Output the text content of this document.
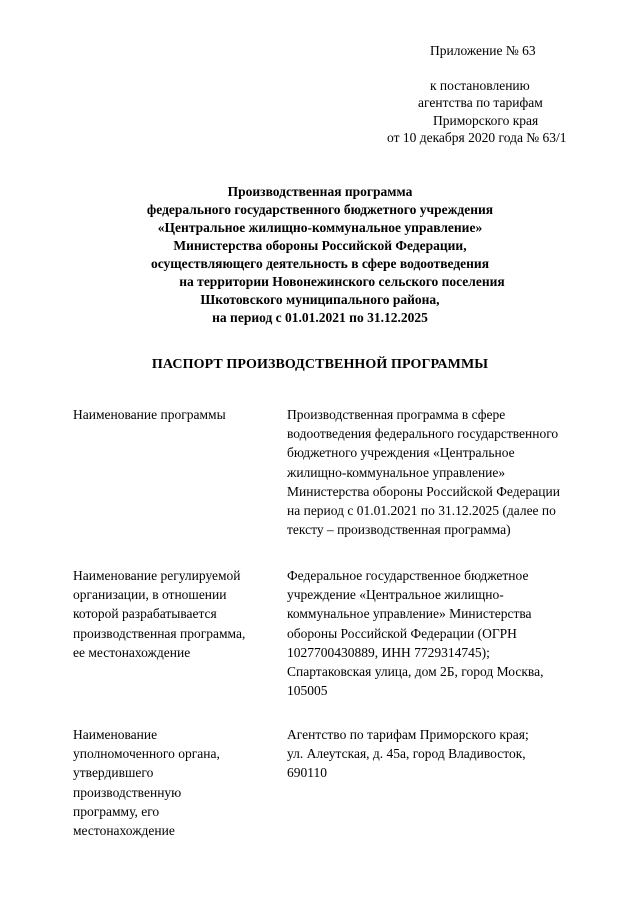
Приложение № 63
к постановлению
агентства по тарифам
Приморского края
от 10 декабря 2020 года № 63/1
Производственная программа
федерального государственного бюджетного учреждения
«Центральное жилищно-коммунальное управление»
Министерства обороны Российской Федерации,
осуществляющего деятельность в сфере водоотведения
на территории Новонежинского сельского поселения
Шкотовского муниципального района,
на период с 01.01.2021 по 31.12.2025
ПАСПОРТ ПРОИЗВОДСТВЕННОЙ ПРОГРАММЫ
Наименование программы	Производственная программа в сфере
водоотведения федерального государственного
бюджетного учреждения «Центральное
жилищно-коммунальное управление»
Министерства обороны Российской Федерации
на период с 01.01.2021 по 31.12.2025 (далее по
тексту – производственная программа)
Наименование регулируемой
организации, в отношении
которой разрабатывается
производственная программа,
ее местонахождение
Федеральное государственное бюджетное
учреждение «Центральное жилищно-
коммунальное управление» Министерства
обороны Российской Федерации (ОГРН
1027700430889, ИНН 7729314745);
Спартаковская улица, дом 2Б, город Москва,
105005
Наименование
уполномоченного органа,
утвердившего
производственную
программу, его
местонахождение
Агентство по тарифам Приморского края;
ул. Алеутская, д. 45а, город Владивосток,
690110
